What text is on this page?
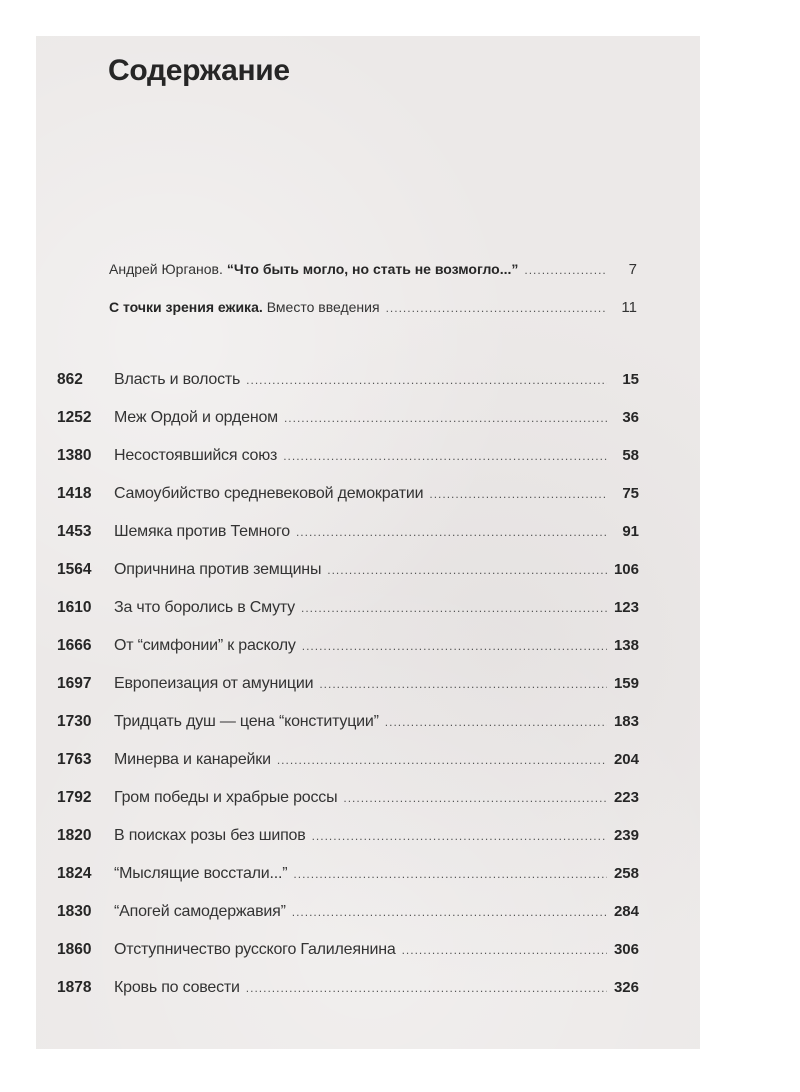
Содержание
Андрей Юрганов. “Что быть могло, но стать не возмогло...” .....	7
С точки зрения ежика. Вместо введения .....	11
862	Власть и волость .....	15
1252	Меж Ордой и орденом .....	36
1380	Несостоявшийся союз .....	58
1418	Самоубийство средневековой демократии .....	75
1453	Шемяка против Темного .....	91
1564	Опричнина против земщины .....	106
1610	За что боролись в Смуту .....	123
1666	От “симфонии” к расколу .....	138
1697	Европеизация от амуниции .....	159
1730	Тридцать душ — цена “конституции” .....	183
1763	Минерва и канарейки .....	204
1792	Гром победы и храбрые россы .....	223
1820	В поисках розы без шипов .....	239
1824	“Мыслящие восстали...” .....	258
1830	“Апогей самодержавия” .....	284
1860	Отступничество русского Галилеянина .....	306
1878	Кровь по совести .....	326
